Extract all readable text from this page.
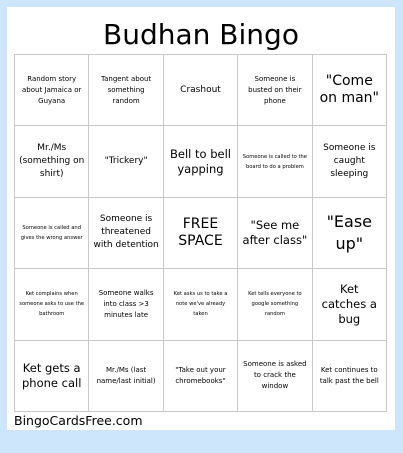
Budhan Bingo
Random story about Jamaica or Guyana
Tangent about something random
Crashout
Someone is busted on their phone
"Come on man"
Mr./Ms (something on shirt)
"Trickery"
Bell to bell yapping
Someone is called to the board to do a problem
Someone is caught sleeping
Someone is called and gives the wrong answer
Someone is threatened with detention
FREE SPACE
"See me after class"
"Ease up"
Ket complains when someone asks to use the bathroom
Someone walks into class >3 minutes late
Ket asks us to take a note we've already taken
Ket tells everyone to google something random
Ket catches a bug
Ket gets a phone call
Mr./Ms (last name/last initial)
"Take out your chromebooks"
Someone is asked to crack the window
Ket continues to talk past the bell
BingoCardsFree.com
